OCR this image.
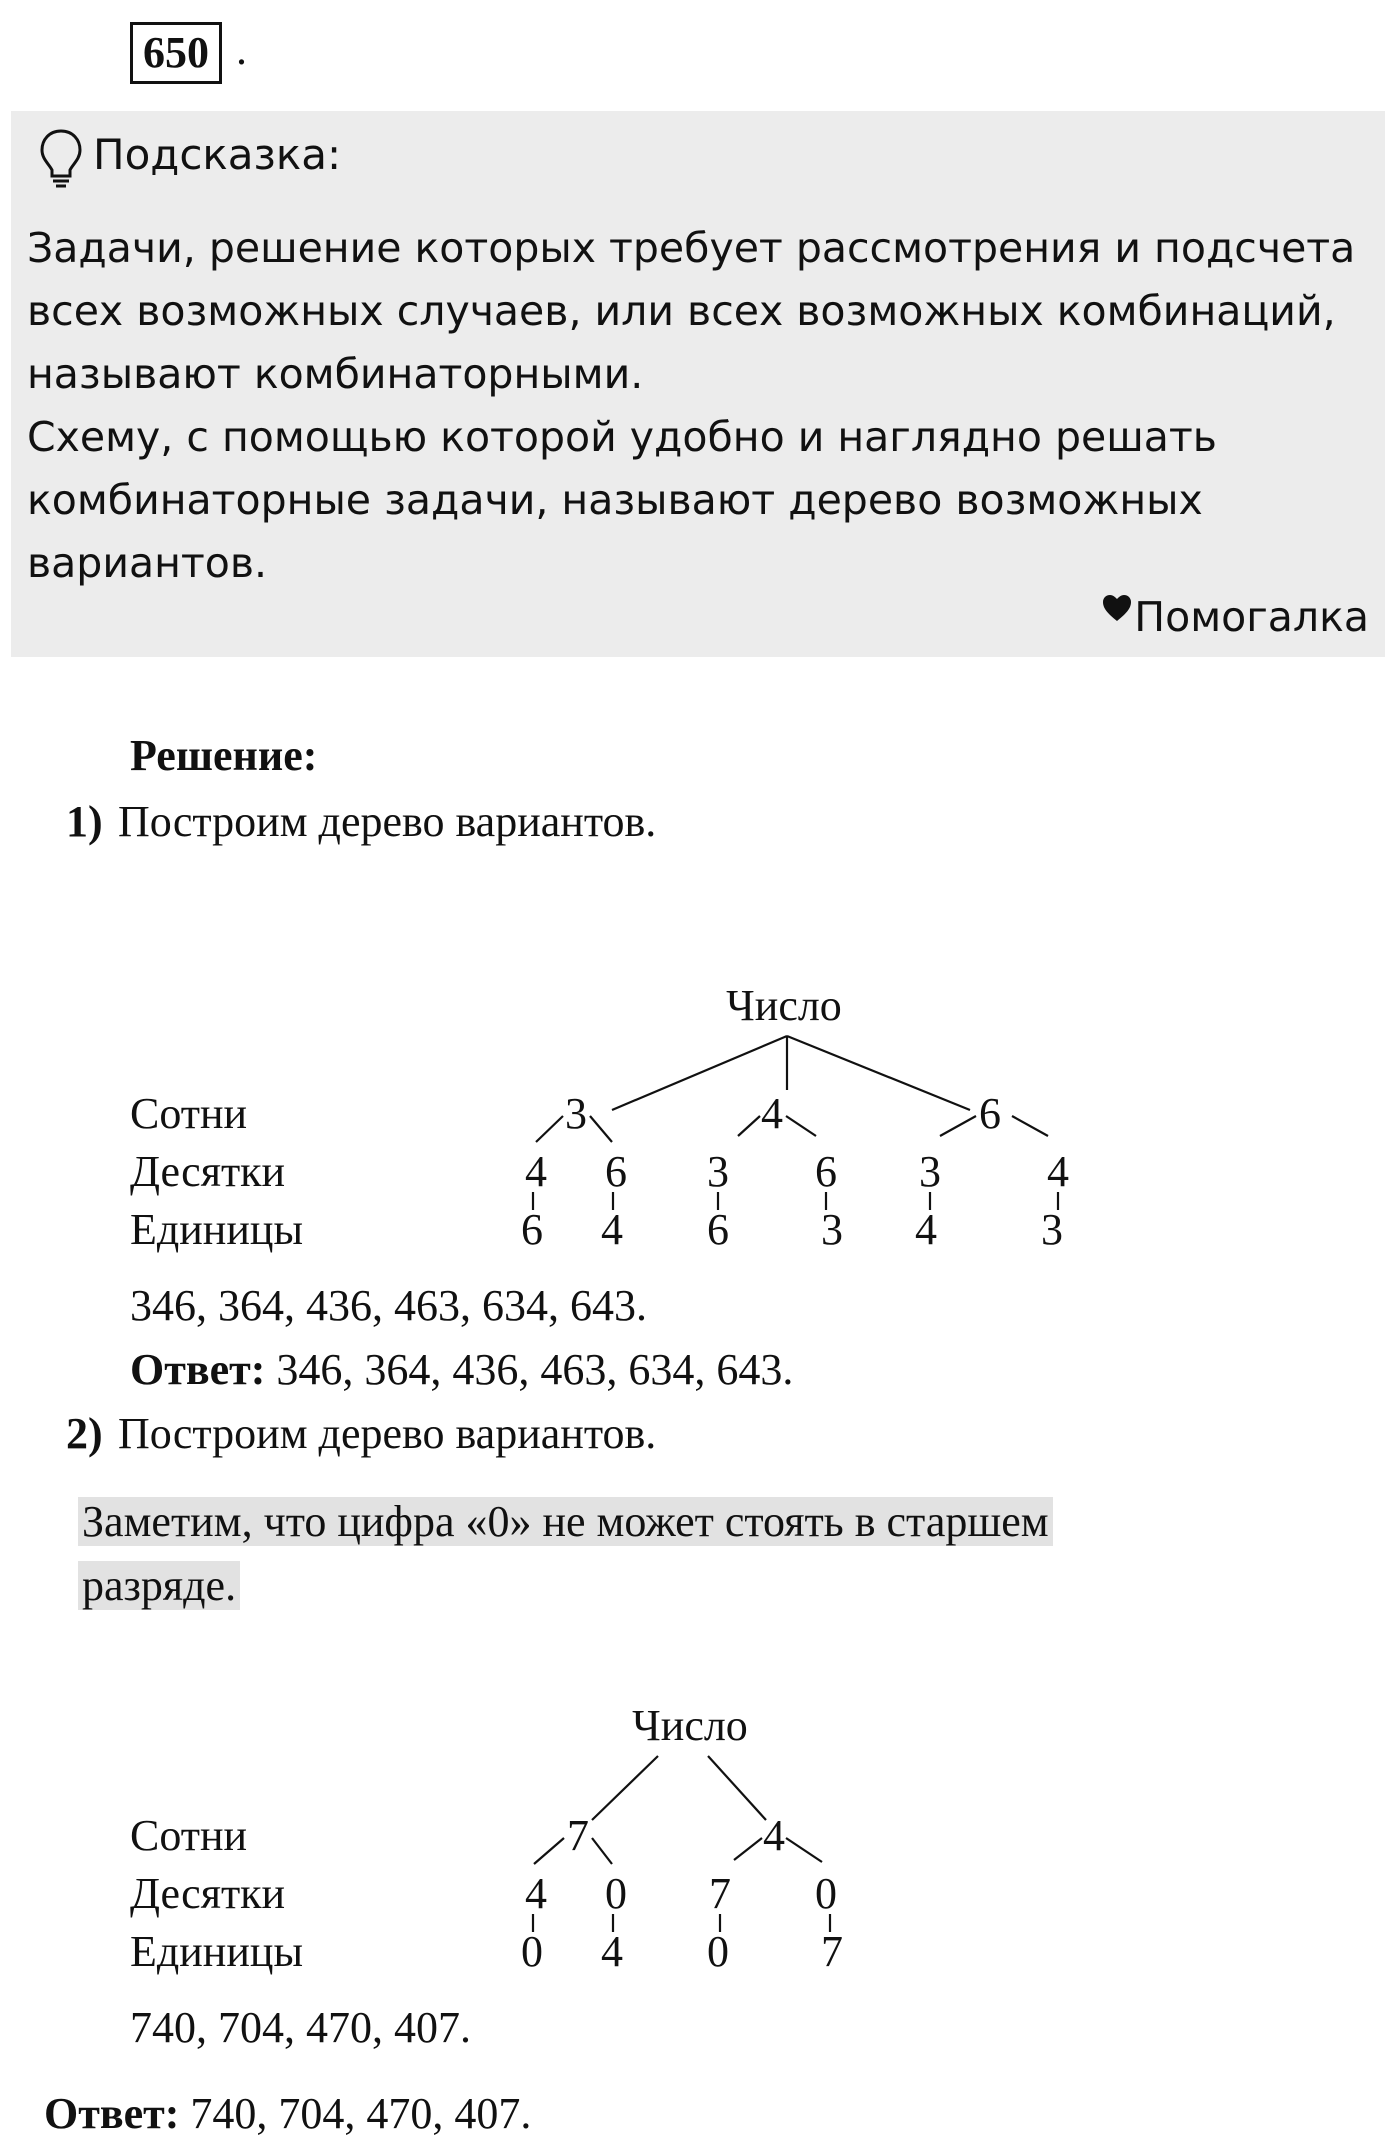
650 .
Подсказка:

Задачи, решение которых требует рассмотрения и подсчета всех возможных случаев, или всех возможных комбинаций, называют комбинаторными.

Схему, с помощью которой удобно и наглядно решать комбинаторные задачи, называют дерево возможных вариантов.

Помогалка
Решение:
1) Построим дерево вариантов.
Число
Сотни
Десятки
Единицы
3	4	6
4 6 3 6 3 4
6 4 6 3 4 3
346, 364, 436, 463, 634, 643.
Ответ: 346, 364, 436, 463, 634, 643.
2) Построим дерево вариантов.
Заметим, что цифра «0» не может стоять в старшем
разряде.
Число
Сотни
Десятки
Единицы
7	4
4 0 7 0
0 4 0 7
740, 704, 470, 407.
Ответ: 740, 704, 470, 407.
